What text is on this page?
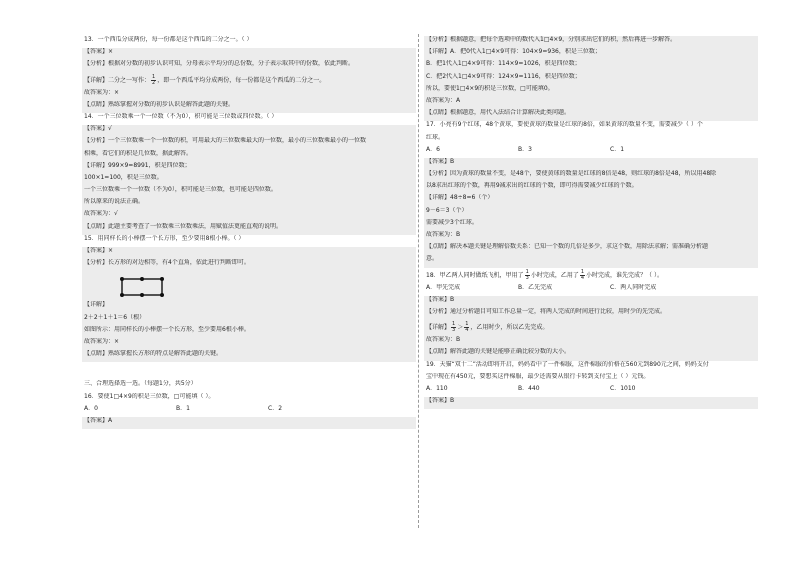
13．一个西瓜分成两份，每一份都是这个西瓜的二分之一。（ ）
【答案】×
【分析】根据对分数的初步认识可知，分母表示平均分的总份数，分子表示取其中的份数，依此判断。
【详解】二分之一写作： $\frac{1}{2}$ ，即一个西瓜平均分成两份，每一份都是这个西瓜的二分之一。
故答案为：×
【点睛】熟练掌握对分数的初步认识是解答此题的关键。
14．一个三位数乘一个一位数（不为0），积可能是三位数或四位数。（ ）
【答案】√
【分析】一个三位数乘一个一位数的积，可用最大的三位数乘最大的一位数，最小的三位数乘最小的一位数
相乘，看它们的积是几位数，据此解答。
【详解】999×9=8991，积是四位数；
100×1=100，积是三位数。
一个三位数乘一个一位数（不为0），积可能是三位数，也可能是四位数。
所以原来的说法正确。
故答案为：√
【点睛】此题主要考查了一位数乘三位数乘法，用赋值法更能直观的说明。
15．用同样长的小棒摆一个长方形，至少要用8根小棒。（ ）
【答案】×
【分析】长方形的对边相等，有4个直角，依此进行判断即可。
【详解】
2＋2＋1＋1＝6（根）
如图所示：用同样长的小棒摆一个长方形，至少要用6根小棒。
故答案为：×
【点睛】熟练掌握长方形的特点是解答此题的关键。
三、合理选择选一选。（每题1分，共5分）
16．要使1□4×9的积是三位数，□可能填（ ）。
A．0	B．1	C．2
【答案】A
【分析】根据题意，把每个选项中的数代入1□4×9，分别求出它们的积，然后再进一步解答。
【详解】A．把0代入1□4×9可得：104×9=936，积是三位数；
B．把1代入1□4×9可得：114×9=1026，积是四位数；
C．把2代入1□4×9可得：124×9=1116，积是四位数；
所以，要使1□4×9的积是三位数，□可能填0。
故答案为：A
【点睛】根据题意，用代入法结合计算解决此类问题。
17．小亮有9个红球，48个黄球，要使黄球的数量是红球的8倍，如果黄球的数量不变，需要减少（ ）个
红球。
A．6	B．3	C．1
【答案】B
【分析】因为黄球的数量不变，是48个，要使黄球的数量是红球的8倍是48，则红球的8倍是48，所以用48除
以8求出红球的个数，再用9减求出的红球的个数，即可得需要减少红球的个数。
【详解】48÷8=6（个）
9－6＝3（个）
需要减少3个红球。
故答案为：B
【点睛】解决本题关键是理解倍数关系：已知一个数的几倍是多少，求这个数，用除法求解；需准确分析题
意。
18．甲乙两人同时做纸飞机，甲用了 $\frac{1}{3}$ 小时完成，乙用了 $\frac{1}{4}$ 小时完成，谁先完成？（ ）。
A．甲先完成	B．乙先完成	C．两人同时完成
【答案】B
【分析】通过分析题目可知工作总量一定，将两人完成的时间进行比较，用时少的先完成。
【详解】 $\frac{1}{3} > \frac{1}{4}$ ，乙用时少，所以乙先完成。
故答案为：B
【点睛】解答此题的关键是能够正确比较分数的大小。
19．天猫“双十二”活动即将开启，妈妈看中了一件棉服，这件棉服的价格在560元到890元之间，妈妈支付
宝中现在有450元，要想买这件棉服，最少还需要从银行卡转到支付宝上（ ）元钱。
A．110	B．440	C．1010
【答案】B
